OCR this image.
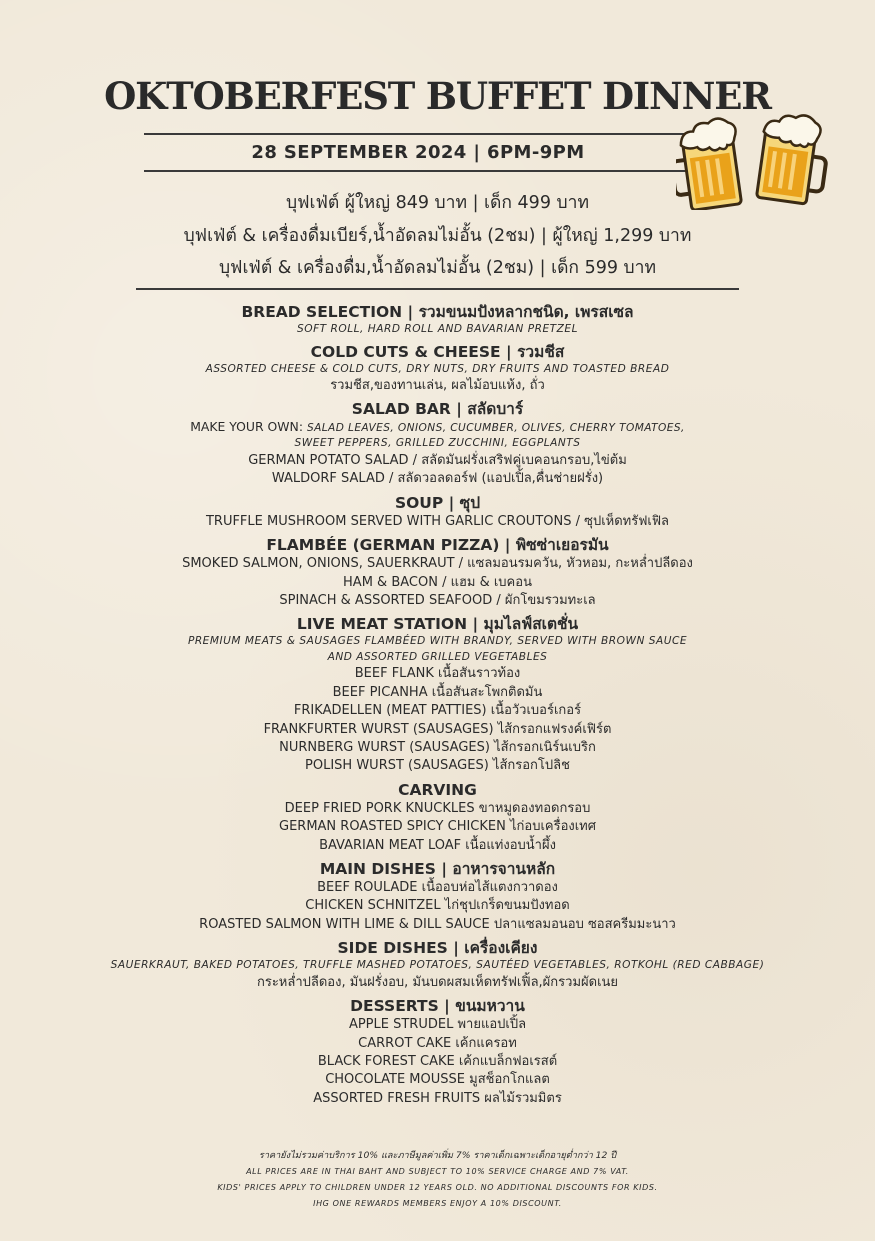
OKTOBERFEST BUFFET DINNER
28 SEPTEMBER 2024 | 6PM-9PM
บุฟเฟ่ต์ ผู้ใหญ่ 849 บาท | เด็ก 499 บาท
บุฟเฟ่ต์ & เครื่องดื่มเบียร์,น้ำอัดลมไม่อั้น (2ชม) | ผู้ใหญ่ 1,299 บาท
บุฟเฟ่ต์ & เครื่องดื่ม,น้ำอัดลมไม่อั้น (2ชม) | เด็ก 599 บาท
BREAD SELECTION | รวมขนมปังหลากชนิด, เพรสเซล
SOFT ROLL, HARD ROLL AND BAVARIAN PRETZEL
COLD CUTS & CHEESE | รวมชีส
ASSORTED CHEESE & COLD CUTS, DRY NUTS, DRY FRUITS AND TOASTED BREAD
รวมชีส,ของทานเล่น, ผลไม้อบแห้ง, ถั่ว
SALAD BAR | สลัดบาร์
MAKE YOUR OWN: SALAD LEAVES, ONIONS, CUCUMBER, OLIVES, CHERRY TOMATOES,
SWEET PEPPERS, GRILLED ZUCCHINI, EGGPLANTS
GERMAN POTATO SALAD / สลัดมันฝรั่งเสริฟคู่เบคอนกรอบ,ไข่ต้ม
WALDORF SALAD / สลัดวอลดอร์ฟ (แอปเปิ้ล,คื่นช่ายฝรั่ง)
SOUP | ซุป
TRUFFLE MUSHROOM SERVED WITH GARLIC CROUTONS / ซุปเห็ดทรัฟเฟิล
FLAMBÉE (GERMAN PIZZA) | พิซซ่าเยอรมัน
SMOKED SALMON, ONIONS, SAUERKRAUT / แซลมอนรมควัน, หัวหอม, กะหล่ำปลีดอง
HAM & BACON / แฮม & เบคอน
SPINACH & ASSORTED SEAFOOD / ผักโขมรวมทะเล
LIVE MEAT STATION | มุมไลฟ์สเตชั่น
PREMIUM MEATS & SAUSAGES FLAMBÉED WITH BRANDY, SERVED WITH BROWN SAUCE
AND ASSORTED GRILLED VEGETABLES
BEEF FLANK เนื้อสันราวท้อง
BEEF PICANHA เนื้อสันสะโพกติดมัน
FRIKADELLEN (MEAT PATTIES) เนื้อวัวเบอร์เกอร์
FRANKFURTER WURST (SAUSAGES) ไส้กรอกแฟรงค์เฟิร์ต
NURNBERG WURST (SAUSAGES) ไส้กรอกเนิร์นเบริก
POLISH WURST (SAUSAGES) ไส้กรอกโปลิช
CARVING
DEEP FRIED PORK KNUCKLES ขาหมูดองทอดกรอบ
GERMAN ROASTED SPICY CHICKEN ไก่อบเครื่องเทศ
BAVARIAN MEAT LOAF เนื้อแท่งอบน้ำผึ้ง
MAIN DISHES | อาหารจานหลัก
BEEF ROULADE เนื้ออบห่อไส้แตงกวาดอง
CHICKEN SCHNITZEL ไก่ชุปเกร็ดขนมปังทอด
ROASTED SALMON WITH LIME & DILL SAUCE ปลาแซลมอนอบ ซอสครีมมะนาว
SIDE DISHES | เครื่องเคียง
SAUERKRAUT, BAKED POTATOES, TRUFFLE MASHED POTATOES, SAUTÉED VEGETABLES, ROTKOHL (RED CABBAGE)
กระหล่ำปลีดอง, มันฝรั่งอบ, มันบดผสมเห็ดทรัฟเฟิ้ล,ผักรวมผัดเนย
DESSERTS | ขนมหวาน
APPLE STRUDEL พายแอปเปิ้ล
CARROT CAKE เค้กแครอท
BLACK FOREST CAKE เค้กแบล็กฟอเรสต์
CHOCOLATE MOUSSE มูสช็อกโกแลต
ASSORTED FRESH FRUITS ผลไม้รวมมิตร
ราคายังไม่รวมค่าบริการ 10% และภาษีมูลค่าเพิ่ม 7% ราคาเด็กเฉพาะเด็กอายุต่ำกว่า 12 ปี
ALL PRICES ARE IN THAI BAHT AND SUBJECT TO 10% SERVICE CHARGE AND 7% VAT.
KIDS' PRICES APPLY TO CHILDREN UNDER 12 YEARS OLD. NO ADDITIONAL DISCOUNTS FOR KIDS.
IHG ONE REWARDS MEMBERS ENJOY A 10% DISCOUNT.
